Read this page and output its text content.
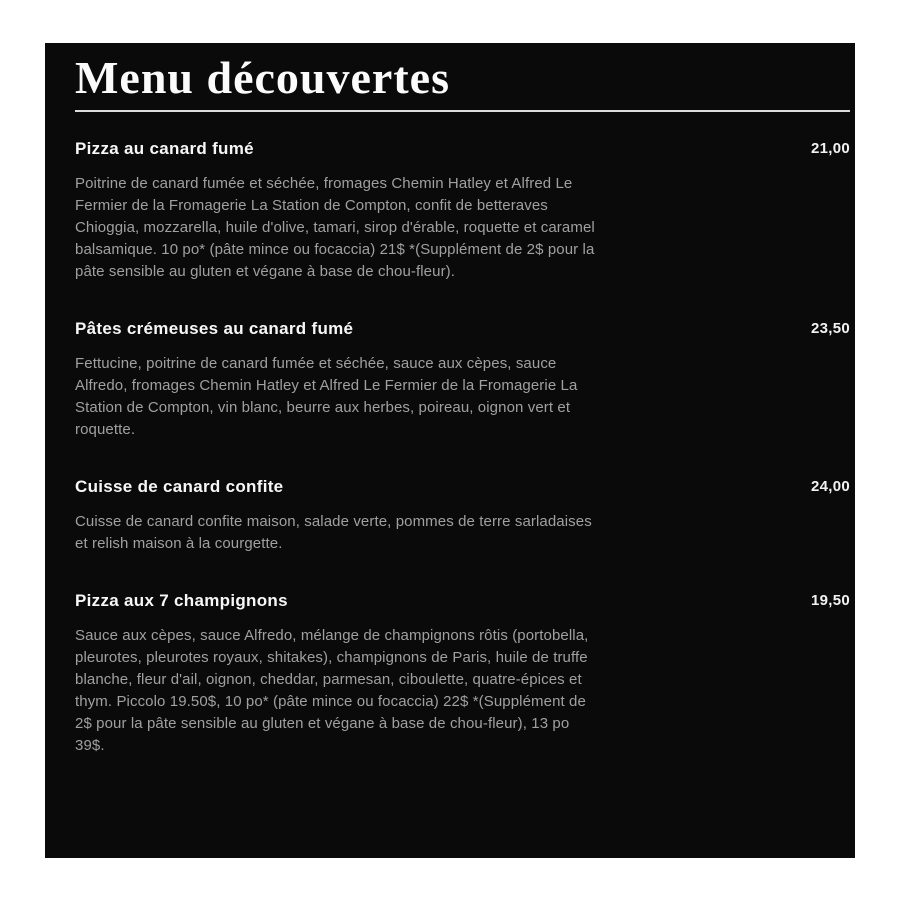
Menu découvertes
Pizza au canard fumé	21,00
Poitrine de canard fumée et séchée, fromages Chemin Hatley et Alfred Le Fermier de la Fromagerie La Station de Compton, confit de betteraves Chioggia, mozzarella, huile d'olive, tamari, sirop d'érable, roquette et caramel balsamique. 10 po* (pâte mince ou focaccia) 21$ *(Supplément de 2$ pour la pâte sensible au gluten et végane à base de chou-fleur).
Pâtes crémeuses au canard fumé	23,50
Fettucine, poitrine de canard fumée et séchée, sauce aux cèpes, sauce Alfredo, fromages Chemin Hatley et Alfred Le Fermier de la Fromagerie La Station de Compton, vin blanc, beurre aux herbes, poireau, oignon vert et roquette.
Cuisse de canard confite	24,00
Cuisse de canard confite maison, salade verte, pommes de terre sarladaises et relish maison à la courgette.
Pizza aux 7 champignons	19,50
Sauce aux cèpes, sauce Alfredo, mélange de champignons rôtis (portobella, pleurotes, pleurotes royaux, shitakes), champignons de Paris, huile de truffe blanche, fleur d'ail, oignon, cheddar, parmesan, ciboulette, quatre-épices et thym. Piccolo 19.50$, 10 po* (pâte mince ou focaccia) 22$ *(Supplément de 2$ pour la pâte sensible au gluten et végane à base de chou-fleur), 13 po 39$.
